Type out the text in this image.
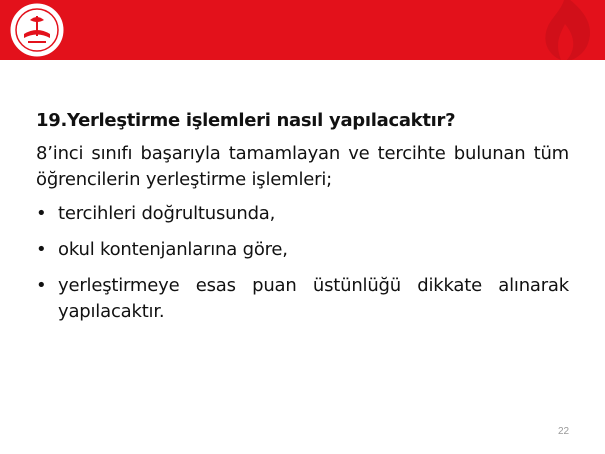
19.Yerleştirme işlemleri nasıl yapılacaktır?
8’inci sınıfı başarıyla tamamlayan ve tercihte bulunan tüm öğrencilerin yerleştirme işlemleri;
• tercihleri doğrultusunda,
• okul kontenjanlarına göre,
• yerleştirmeye esas puan üstünlüğü dikkate alınarak yapılacaktır.
22
